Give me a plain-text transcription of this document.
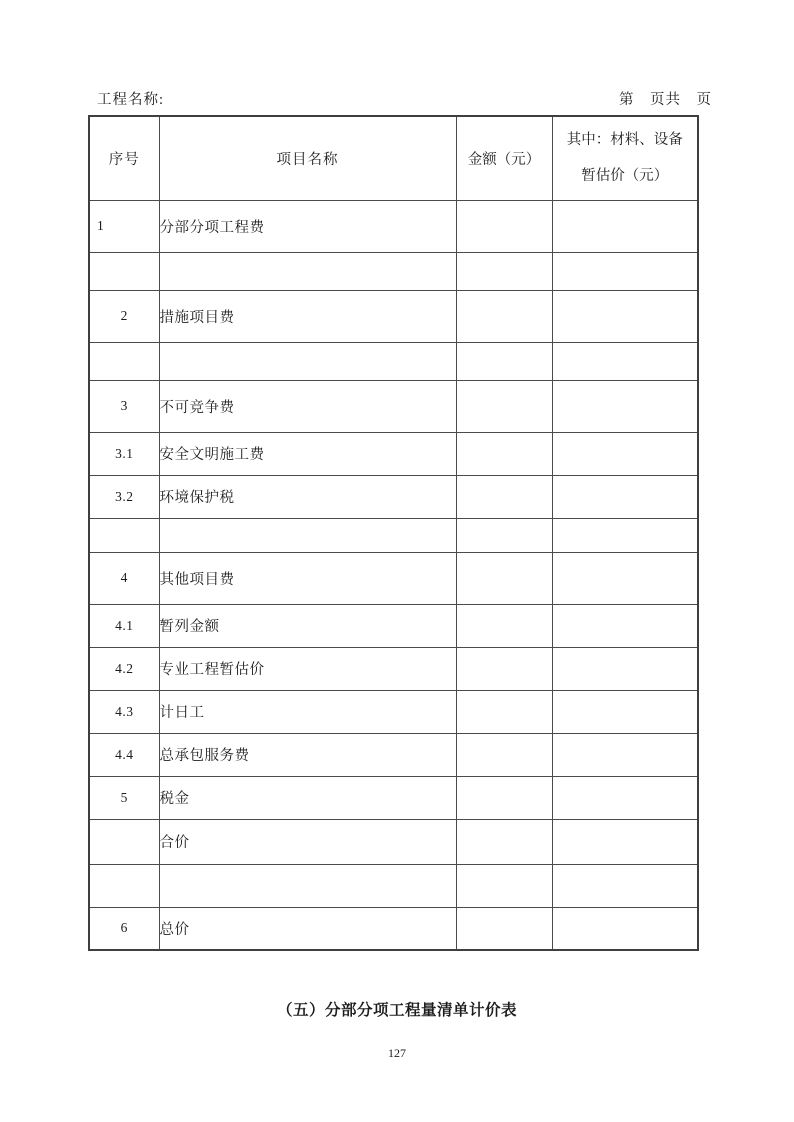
工程名称:	第　页共　页
序号	项目名称	金额（元）	其中：材料、设备
暂估价（元）

1	分部分项工程费		

2	措施项目费		

3	不可竞争费		
3.1	安全文明施工费		
3.2	环境保护税		

4	其他项目费		
4.1	暂列金额		
4.2	专业工程暂估价		
4.3	计日工		
4.4	总承包服务费		
5	税金		
	合价		

6	总价		
（五）分部分项工程量清单计价表
127
